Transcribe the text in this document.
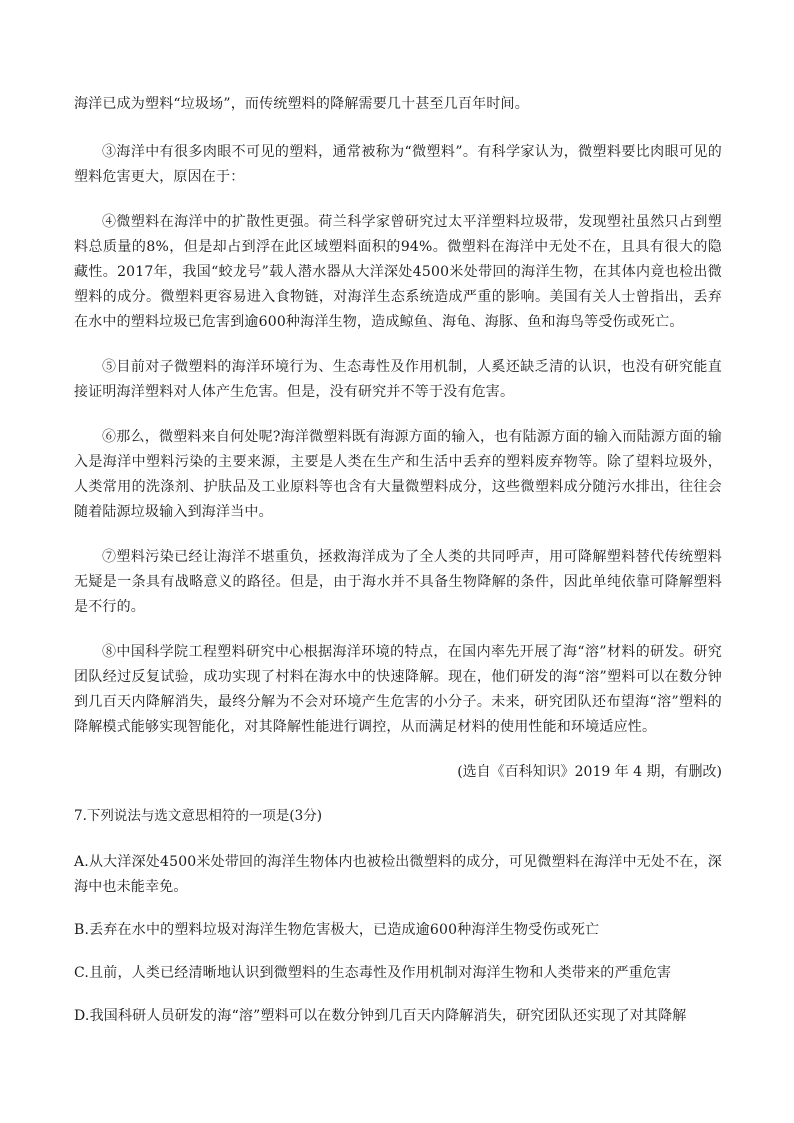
海洋已成为塑料“垃圾场”，而传统塑料的降解需要几十甚至几百年时间。

③海洋中有很多肉眼不可见的塑料，通常被称为“微塑料”。有科学家认为，微塑料要比肉眼可见的塑料危害更大，原因在于：

④微塑料在海洋中的扩散性更强。荷兰科学家曾研究过太平洋塑料垃圾带，发现塑社虽然只占到塑料总质量的8%，但是却占到浮在此区域塑料面积的94%。微塑料在海洋中无处不在，且具有很大的隐藏性。2017年，我国“蛟龙号”载人潜水器从大洋深处4500米处带回的海洋生物，在其体内竟也检出微塑料的成分。微塑料更容易进入食物链，对海洋生态系统造成严重的影响。美国有关人士曾指出，丢弃在水中的塑料垃圾已危害到逾600种海洋生物，造成鲸鱼、海龟、海豚、鱼和海鸟等受伤或死亡。

⑤目前对子微塑料的海洋环境行为、生态毒性及作用机制，人奚还缺乏清的认识，也没有研究能直接证明海洋塑料对人体产生危害。但是，没有研究并不等于没有危害。

⑥那么，微塑料来自何处呢?海洋微塑料既有海源方面的输入，也有陆源方面的输入而陆源方面的输入是海洋中塑料污染的主要来源，主要是人类在生产和生活中丢弃的塑料废弃物等。除了望料垃圾外，人类常用的洗涤剂、护肤品及工业原料等也含有大量微塑料成分，这些微塑料成分随污水排出，往往会随着陆源垃圾输入到海洋当中。

⑦塑料污染已经让海洋不堪重负，拯救海洋成为了全人类的共同呼声，用可降解塑料替代传统塑料无疑是一条具有战略意义的路径。但是，由于海水并不具备生物降解的条件，因此单纯依靠可降解塑料是不行的。

⑧中国科学院工程塑料研究中心根据海洋环境的特点，在国内率先开展了海“溶”材料的研发。研究团队经过反复试验，成功实现了村料在海水中的快速降解。现在，他们研发的海“溶”塑料可以在数分钟到几百天内降解消失，最终分解为不会对环境产生危害的小分子。未来，研究团队还布望海“溶”塑料的降解模式能够实现智能化，对其降解性能进行调控，从而满足材料的使用性能和环境适应性。

(选自《百科知识》2019 年 4 期，有删改)
7.下列说法与选文意思相符的一项是(3分)

A.从大洋深处4500米处带回的海洋生物体内也被检出微塑料的成分，可见微塑料在海洋中无处不在，深海中也未能幸免。

B.丢弃在水中的塑料垃圾对海洋生物危害极大，已造成逾600种海洋生物受伤或死亡

C.且前，人类已经清晰地认识到微塑料的生态毒性及作用机制对海洋生物和人类带来的严重危害

D.我国科研人员研发的海“溶”塑料可以在数分钟到几百天内降解消失，研究团队还实现了对其降解
